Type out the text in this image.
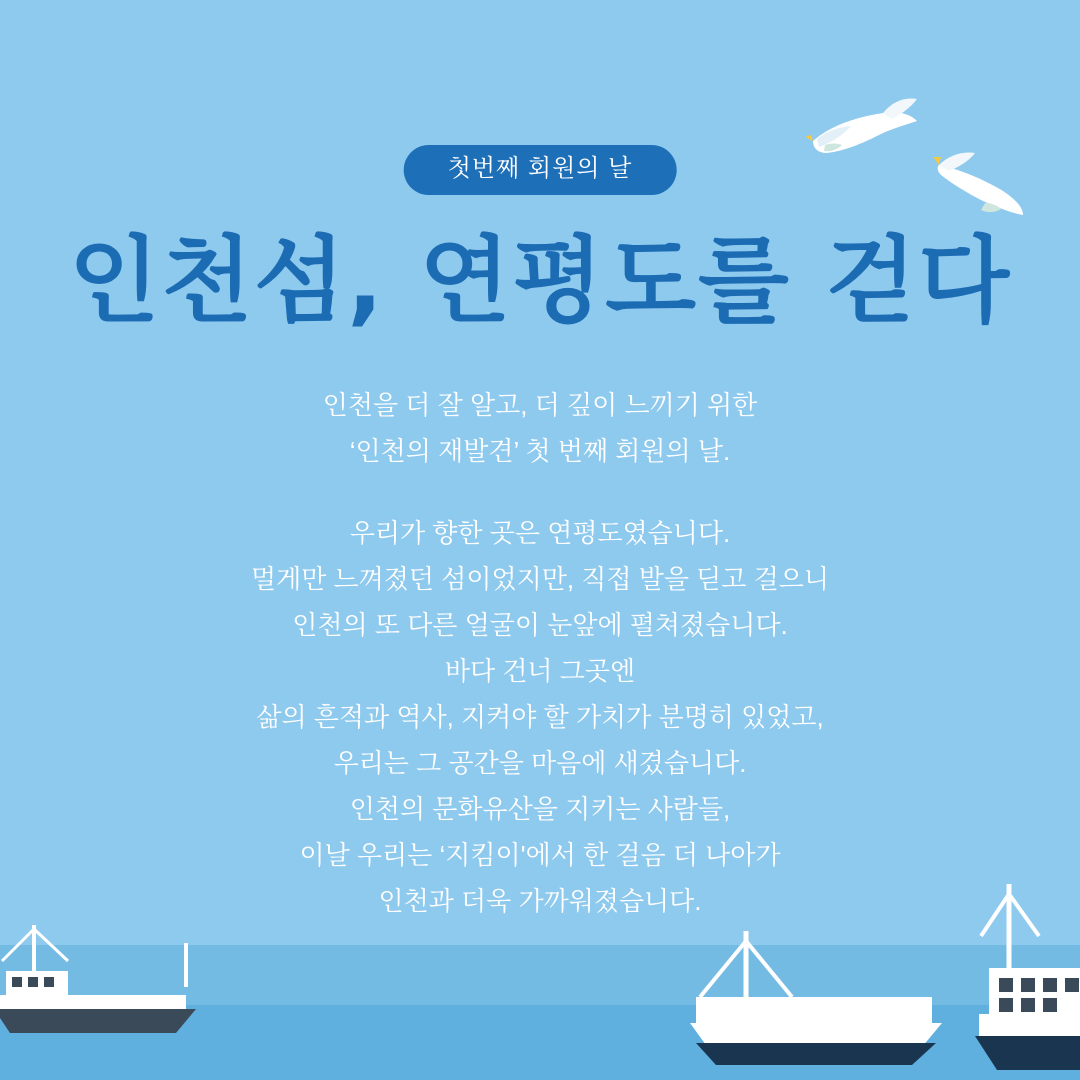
첫번째 회원의 날
인천섬, 연평도를 걷다
인천을 더 잘 알고, 더 깊이 느끼기 위한
‘인천의 재발견’ 첫 번째 회원의 날.
우리가 향한 곳은 연평도였습니다.
멀게만 느껴졌던 섬이었지만, 직접 발을 딛고 걸으니
인천의 또 다른 얼굴이 눈앞에 펼쳐졌습니다.
바다 건너 그곳엔
삶의 흔적과 역사, 지켜야 할 가치가 분명히 있었고,
우리는 그 공간을 마음에 새겼습니다.
인천의 문화유산을 지키는 사람들,
이날 우리는 ‘지킴이'에서 한 걸음 더 나아가
인천과 더욱 가까워졌습니다.
